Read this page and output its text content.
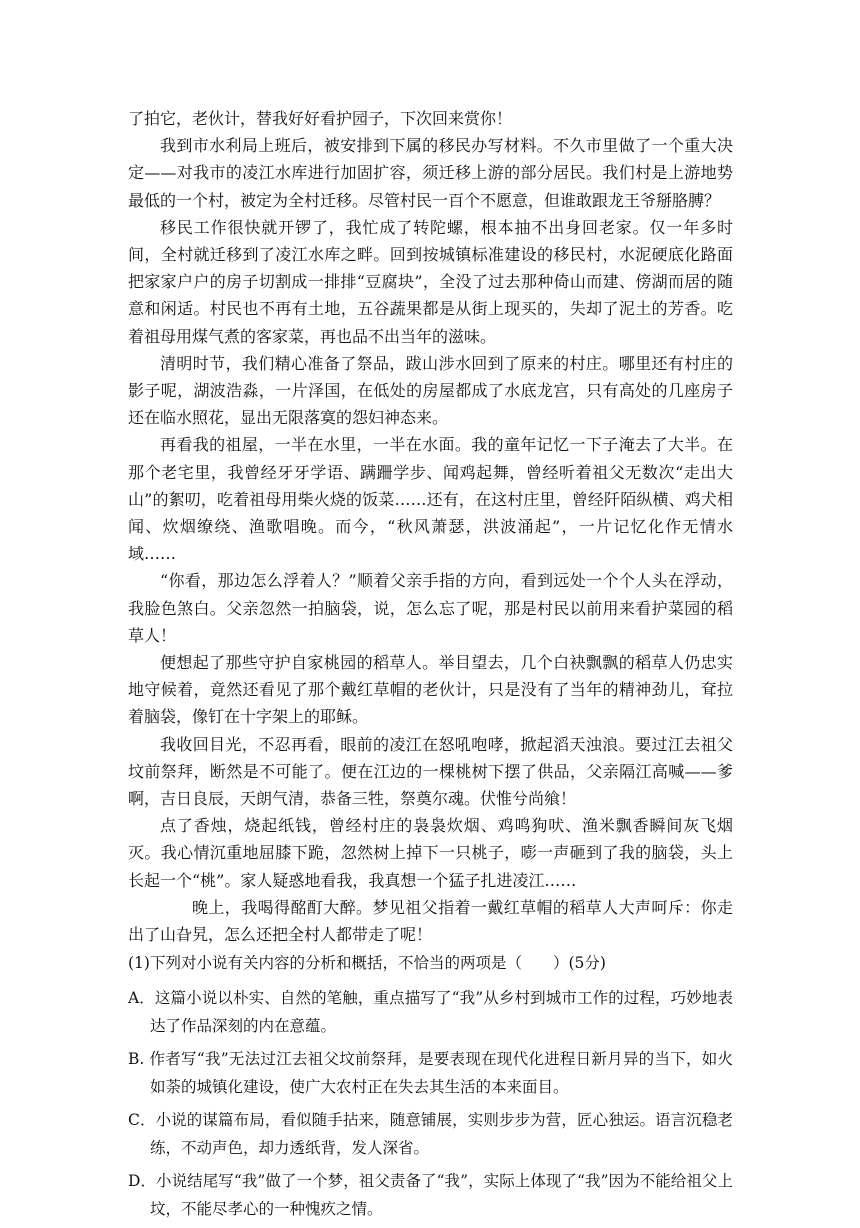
了拍它，老伙计，替我好好看护园子，下次回来赏你！

我到市水利局上班后，被安排到下属的移民办写材料。不久市里做了一个重大决定——对我市的凌江水库进行加固扩容，须迁移上游的部分居民。我们村是上游地势最低的一个村，被定为全村迁移。尽管村民一百个不愿意，但谁敢跟龙王爷掰胳膊？

移民工作很快就开锣了，我忙成了转陀螺，根本抽不出身回老家。仅一年多时间，全村就迁移到了凌江水库之畔。回到按城镇标准建设的移民村，水泥硬底化路面把家家户户的房子切割成一排排“豆腐块”，全没了过去那种倚山而建、傍湖而居的随意和闲适。村民也不再有土地，五谷蔬果都是从街上现买的，失却了泥土的芳香。吃着祖母用煤气煮的客家菜，再也品不出当年的滋味。

清明时节，我们精心准备了祭品，跋山涉水回到了原来的村庄。哪里还有村庄的影子呢，湖波浩淼，一片泽国，在低处的房屋都成了水底龙宫，只有高处的几座房子还在临水照花，显出无限落寞的怨妇神态来。

再看我的祖屋，一半在水里，一半在水面。我的童年记忆一下子淹去了大半。在那个老宅里，我曾经牙牙学语、蹒跚学步、闻鸡起舞，曾经听着祖父无数次“走出大山”的絮叨，吃着祖母用柴火烧的饭菜……还有，在这村庄里，曾经阡陌纵横、鸡犬相闻、炊烟缭绕、渔歌唱晚。而今，“秋风萧瑟，洪波涌起”，一片记忆化作无情水域……

“你看，那边怎么浮着人？”顺着父亲手指的方向，看到远处一个个人头在浮动，我脸色煞白。父亲忽然一拍脑袋，说，怎么忘了呢，那是村民以前用来看护菜园的稻草人！

便想起了那些守护自家桃园的稻草人。举目望去，几个白袂飘飘的稻草人仍忠实地守候着，竟然还看见了那个戴红草帽的老伙计，只是没有了当年的精神劲儿，耷拉着脑袋，像钉在十字架上的耶稣。

我收回目光，不忍再看，眼前的凌江在怒吼咆哮，掀起滔天浊浪。要过江去祖父坟前祭拜，断然是不可能了。便在江边的一棵桃树下摆了供品，父亲隔江高喊——爹啊，吉日良辰，天朗气清，恭备三牲，祭奠尔魂。伏惟兮尚飨！

点了香烛，烧起纸钱，曾经村庄的袅袅炊烟、鸡鸣狗吠、渔米飘香瞬间灰飞烟灭。我心情沉重地屈膝下跪，忽然树上掉下一只桃子，嘭一声砸到了我的脑袋，头上长起一个“桃”。家人疑惑地看我，我真想一个猛子扎进凌江……

晚上，我喝得酩酊大醉。梦见祖父指着一戴红草帽的稻草人大声呵斥：你走出了山旮旯，怎么还把全村人都带走了呢！

(1)下列对小说有关内容的分析和概括，不恰当的两项是（　　）(5分)

A．这篇小说以朴实、自然的笔触，重点描写了“我”从乡村到城市工作的过程，巧妙地表达了作品深刻的内在意蕴。

B. 作者写“我”无法过江去祖父坟前祭拜，是要表现在现代化进程日新月异的当下，如火如荼的城镇化建设，使广大农村正在失去其生活的本来面目。

C．小说的谋篇布局，看似随手拈来，随意铺展，实则步步为营，匠心独运。语言沉稳老练，不动声色，却力透纸背，发人深省。

D．小说结尾写“我”做了一个梦，祖父责备了“我”，实际上体现了“我”因为不能给祖父上坟，不能尽孝心的一种愧疚之情。
